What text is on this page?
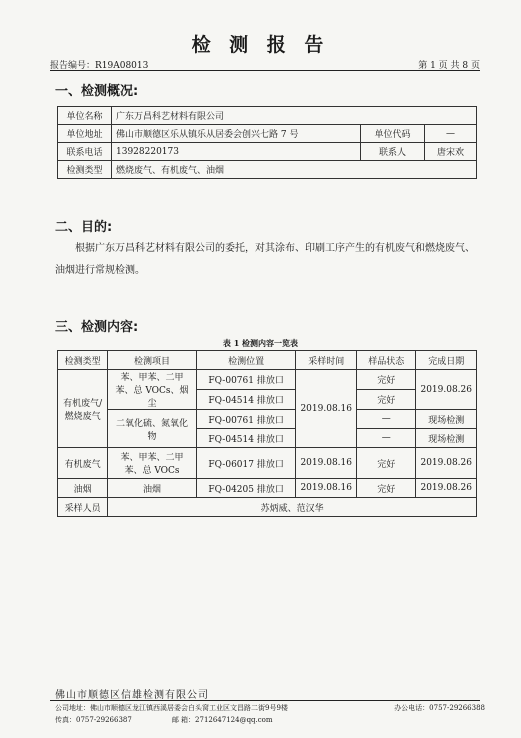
检 测 报 告
报告编号：R19A08013	第 1 页 共 8 页
一、检测概况:
单位名称	广东万昌科艺材料有限公司		
单位地址	佛山市顺德区乐从镇乐从居委会创兴七路 7 号	单位代码	—
联系电话	13928220173	联系人	唐宋欢
检测类型	燃烧废气、有机废气、油烟		
二、目的:
根据广东万昌科艺材料有限公司的委托，对其涂布、印刷工序产生的有机废气和燃烧废气、油烟进行常规检测。
三、检测内容:
表 1 检测内容一览表
检测类型	检测项目	检测位置	采样时间	样品状态	完成日期
有机废气/燃烧废气	苯、甲苯、二甲苯、总 VOCs、烟尘	FQ-00761 排放口	2019.08.16	完好	2019.08.26
		FQ-04514 排放口		完好	
	二氧化硫、氮氧化物	FQ-00761 排放口		—	现场检测
		FQ-04514 排放口		—	现场检测
有机废气	苯、甲苯、二甲苯、总 VOCs	FQ-06017 排放口	2019.08.16	完好	2019.08.26
油烟	油烟	FQ-04205 排放口	2019.08.16	完好	2019.08.26
采样人员	苏炳威、范汉华				
佛山市顺德区信雄检测有限公司
公司地址：佛山市顺德区龙江镇西溪居委会白头窝工业区文昌路二街9号9楼	办公电话：0757-29266388
传真：0757-29266387	邮 箱：2712647124@qq.com
